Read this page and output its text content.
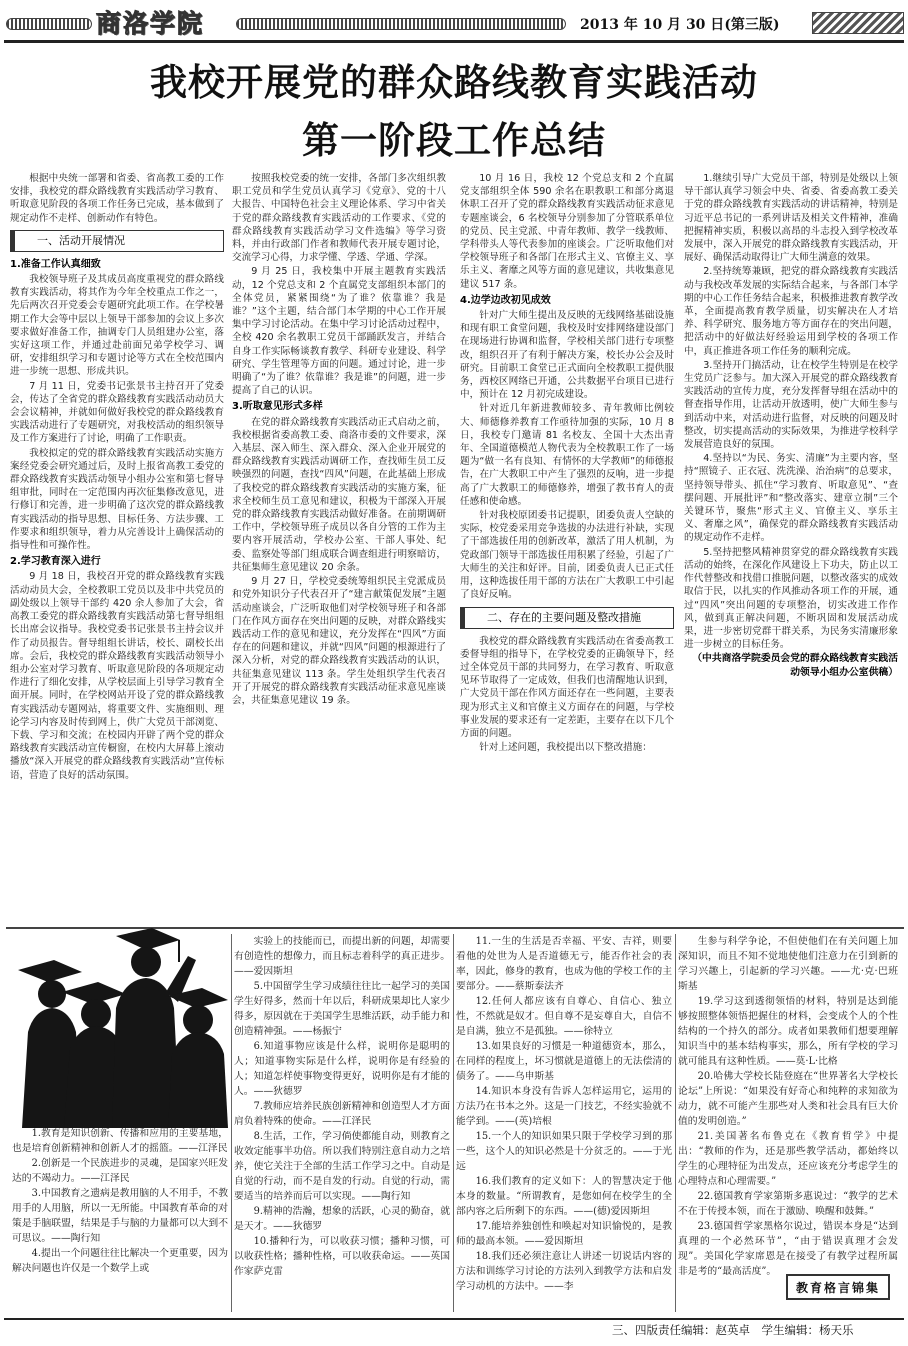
商洛学院	2013 年 10 月 30 日(第三版)
我校开展党的群众路线教育实践活动
第一阶段工作总结

根据中央统一部署和省委、省高教工委的工作安排，我校党的群众路线教育实践活动学习教育、听取意见阶段的各项工作任务已完成，基本做到了规定动作不走样、创新动作有特色。

一、活动开展情况
1.准备工作认真细致

我校领导班子及其成员高度重视党的群众路线教育实践活动，将其作为今年全校重点工作之一，先后两次召开党委会专题研究此项工作。在学校暑期工作大会等中层以上领导干部参加的会议上多次要求做好准备工作，抽调专门人员组建办公室，落实好这项工作，并通过赴前面兄弟学校学习、调研，安排组织学习和专题讨论等方式在全校范围内进一步统一思想、形成共识。

7 月 11 日，党委书记张景书主持召开了党委会，传达了全省党的群众路线教育实践活动动员大会会议精神，并就如何做好我校党的群众路线教育实践活动进行了专题研究，对我校活动的组织领导及工作方案进行了讨论，明确了工作职责。

我校拟定的党的群众路线教育实践活动实施方案经党委会研究通过后，及时上报省高教工委党的群众路线教育实践活动领导小组办公室和第七督导组审批，同时在一定范围内再次征集修改意见，进行修订和完善，进一步明确了这次党的群众路线教育实践活动的指导思想、目标任务、方法步骤、工作要求和组织领导，着力从完善设计上确保活动的指导性和可操作性。

2.学习教育深入进行

9 月 18 日，我校召开党的群众路线教育实践活动动员大会，全校教职工党员以及非中共党员的副处级以上领导干部约 420 余人参加了大会，省高教工委党的群众路线教育实践活动第七督导组组长出席会议指导。我校党委书记张景书主持会议并作了动员报告。督导组组长讲话，校长、副校长出席。会后，我校党的群众路线教育实践活动领导小组办公室对学习教育、听取意见阶段的各项规定动作进行了细化安排，从学校层面上引导学习教育全面开展。同时，在学校网站开设了党的群众路线教育实践活动专题网站，将重要文件、实施细则、理论学习内容及时传到网上，供广大党员干部浏览、下载、学习和交流；在校园内开辟了两个党的群众路线教育实践活动宣传橱窗，在校内大屏幕上滚动播放“深入开展党的群众路线教育实践活动”宣传标语，营造了良好的活动氛围。

按照我校党委的统一安排，各部门多次组织教职工党员和学生党员认真学习《党章》、党的十八大报告、中国特色社会主义理论体系、学习中省关于党的群众路线教育实践活动的工作要求、《党的群众路线教育实践活动学习文件选编》等学习资料，并由行政部门作者和教师代表开展专题讨论，交流学习心得，力求学懂、学透、学通、学深。

9 月 25 日，我校集中开展主题教育实践活动，12 个党总支和 2 个直属党支部组织本部门的全体党员，紧紧围绕“为了谁？依靠谁？我是谁？”这个主题，结合部门本学期的中心工作开展集中学习讨论活动。在集中学习讨论活动过程中，全校 420 余名教职工党员干部踊跃发言，并结合自身工作实际畅谈教育教学、科研专业建设、科学研究、学生管理等方面的问题。通过讨论，进一步明确了“为了谁？依靠谁？我是谁”的问题，进一步提高了自己的认识。

3.听取意见形式多样

在党的群众路线教育实践活动正式启动之前，我校根据省委高教工委、商洛市委的文件要求，深入基层、深入师生、深入群众、深入企业开展党的群众路线教育实践活动调研工作，查找师生员工反映强烈的问题，查找“四风”问题，在此基础上形成了我校党的群众路线教育实践活动的实施方案，征求全校师生员工意见和建议，积极为干部深入开展党的群众路线教育实践活动做好准备。在前期调研工作中，学校领导班子成员以各自分管的工作为主要内容开展活动，学校办公室、干部人事处、纪委、监察处等部门组成联合调查组进行明察暗访，共征集师生意见建议 20 余条。

9 月 27 日，学校党委统筹组织民主党派成员和党外知识分子代表召开了“建言献策促发展”主题活动座谈会，广泛听取他们对学校领导班子和各部门在作风方面存在突出问题的反映，对群众路线实践活动工作的意见和建议，充分发挥在“四风”方面存在的问题和建议，并就“四风”问题的根源进行了深入分析，对党的群众路线教育实践活动的认识，共征集意见建议 113 条。学生处组织学生代表召开了开展党的群众路线教育实践活动征求意见座谈会，共征集意见建议 19 条。

10 月 16 日，我校 12 个党总支和 2 个直属党支部组织全体 590 余名在职教职工和部分离退休职工召开了党的群众路线教育实践活动征求意见专题座谈会，6 名校领导分别参加了分管联系单位的党员、民主党派、中青年教师、教学一线教师、学科带头人等代表参加的座谈会。广泛听取他们对学校领导班子和各部门在形式主义、官僚主义、享乐主义、奢靡之风等方面的意见建议，共收集意见建议 517 条。

4.边学边改初见成效

针对广大师生提出及反映的无线网络基础设施和现有职工食堂问题，我校及时安排网络建设部门在现场进行协调和监督，学校相关部门进行专项整改，组织召开了有利于解决方案，校长办公会及时研究。目前职工食堂已正式面向全校教职工提供服务，西校区网络已开通，公共数据平台项目已进行中，预计在 12 月初完成建设。

针对近几年新进教师较多、青年教师比例较大、师德修养教育工作亟待加强的实际，10 月 8 日，我校专门邀请 81 名校友、全国十大杰出青年、全国道德模范人物代表为全校教职工作了一场题为“做一名有良知、有情怀的大学教师”的师德报告，在广大教职工中产生了强烈的反响，进一步提高了广大教职工的师德修养，增强了教书育人的责任感和使命感。

针对我校原团委书记提职，团委负责人空缺的实际，校党委采用竞争选拔的办法进行补缺，实现了干部选拔任用的创新改革，激活了用人机制，为党政部门领导干部选拔任用积累了经验，引起了广大师生的关注和好评。目前，团委负责人已正式任用，这种选拔任用干部的方法在广大教职工中引起了良好反响。

二、存在的主要问题及整改措施

我校党的群众路线教育实践活动在省委高教工委督导组的指导下，在学校党委的正确领导下，经过全体党员干部的共同努力，在学习教育、听取意见环节取得了一定成效，但我们也清醒地认识到，广大党员干部在作风方面还存在一些问题，主要表现为形式主义和官僚主义方面存在的问题，与学校事业发展的要求还有一定差距，主要存在以下几个方面的问题。

针对上述问题，我校提出以下整改措施：

1.继续引导广大党员干部，特别是处级以上领导干部认真学习领会中央、省委、省委高教工委关于党的群众路线教育实践活动的讲话精神，特别是习近平总书记的一系列讲话及相关文件精神，准确把握精神实质，积极以高昂的斗志投入到学校改革发展中，深入开展党的群众路线教育实践活动，开展好、确保活动取得让广大师生满意的效果。

2.坚持统筹兼顾，把党的群众路线教育实践活动与我校改革发展的实际结合起来，与各部门本学期的中心工作任务结合起来，积极推进教育教学改革，全面提高教育教学质量，切实解决在人才培养、科学研究、服务地方等方面存在的突出问题，把活动中的好做法好经验运用到学校的各项工作中，真正推进各项工作任务的顺利完成。

3.坚持开门搞活动，让在校学生特别是在校学生党员广泛参与。加大深入开展党的群众路线教育实践活动的宣传力度，充分发挥督导组在活动中的督查指导作用，让活动开放透明，使广大师生参与到活动中来，对活动进行监督，对反映的问题及时整改，切实提高活动的实际效果，为推进学校科学发展营造良好的氛围。

4.坚持以“为民、务实、清廉”为主要内容，坚持“照镜子、正衣冠、洗洗澡、治治病”的总要求，坚持领导带头、抓住“学习教育、听取意见”、“查摆问题、开展批评”和“整改落实、建章立制”三个关键环节，聚焦“形式主义、官僚主义、享乐主义、奢靡之风”，确保党的群众路线教育实践活动的规定动作不走样。

5.坚持把整风精神贯穿党的群众路线教育实践活动的始终，在深化作风建设上下功夫，防止以工作代替整改和找借口推脱问题，以整改落实的成效取信于民，以扎实的作风推动各项工作的开展，通过“四风”突出问题的专项整治，切实改进工作作风，做到真正解决问题，不断巩固和发展活动成果，进一步密切党群干群关系，为民务实清廉形象进一步树立的目标任务。

（中共商洛学院委员会党的群众路线教育实践活动领导小组办公室供稿）

1.教育是知识创新、传播和应用的主要基地，也是培育创新精神和创新人才的摇篮。——江泽民

2.创新是一个民族进步的灵魂，是国家兴旺发达的不竭动力。——江泽民

3.中国教育之遗病是教用脑的人不用手，不教用手的人用脑，所以一无所能。中国教育革命的对策是手脑联盟，结果是手与脑的力量都可以大到不可思议。——陶行知

4.提出一个问题往往比解决一个更重要，因为解决问题也许仅是一个数学上或

实验上的技能而已，而提出新的问题，却需要有创造性的想像力，而且标志着科学的真正进步。——爱因斯坦

5.中国留学生学习成绩往往比一起学习的美国学生好得多，然而十年以后，科研成果却比人家少得多，原因就在于美国学生思维活跃，动手能力和创造精神强。——杨振宁

6.知道事物应该是什么样，说明你是聪明的人；知道事物实际是什么样，说明你是有经验的人；知道怎样使事物变得更好，说明你是有才能的人。——狄德罗

7.教师应培养民族创新精神和创造型人才方面肩负着特殊的使命。——江泽民

8.生活，工作，学习倘使都能自动，则教育之收效定能事半功倍。所以我们特别注意自动力之培养，使它关注于全部的生活工作学习之中。自动是自觉的行动，而不是自发的行动。自觉的行动，需要适当的培养而后可以实现。——陶行知

9.精神的浩瀚，想象的活跃，心灵的勤奋，就是天才。——狄德罗

10.播种行为，可以收获习惯；播种习惯，可以收获性格；播种性格，可以收获命运。——英国作家萨克雷

11.一生的生活是否幸福、平安、吉祥，则要看他的处世为人是否道德无亏，能否作社会的表率，因此，修身的教育，也成为他的学校工作的主要部分。——蔡斯泰法齐

12.任何人都应该有自尊心、自信心、独立性，不然就是奴才。但自尊不是妄尊自大，自信不是自满，独立不是孤独。——徐特立

13.如果良好的习惯是一种道德资本，那么，在同样的程度上，坏习惯就是道德上的无法偿清的债务了。——乌申斯基

14.知识本身没有告诉人怎样运用它，运用的方法乃在书本之外。这是一门技艺，不经实验就不能学到。——(英)培根

15.一个人的知识如果只限于学校学习到的那一些，这个人的知识必然是十分贫乏的。——于光远

16.我们教育的定义如下：人的智慧决定于他本身的数量。“所谓教育，是您如何在校学生的全部内容之后所剩下的东西。——(德)爱因斯坦

17.能培养独创性和唤起对知识愉悦的，是教师的最高本领。——爱因斯坦

18.我们还必须注意让人讲述一切说话内容的方法和训练学习讨论的方法列入到教学方法和启发学习动机的方法中。——李

生参与科学争论，不但使他们在有关问题上加深知识，而且不知不觉地使他们注意力在引到新的学习兴趣上，引起新的学习兴趣。——尤·克·巴班斯基

19.学习这到透彻领悟的材料，特别是达到能够按照整体领悟把握住的材料，会变成个人的个性结构的一个持久的部分。成者如果教师们想要理解知识当中的基本结构事实，那么，所有学校的学习就可能具有这种性质。——莫·L·比格

20.哈佛大学校长陆登庭在“世界著名大学校长论坛”上所说：“如果没有好奇心和纯粹的求知欲为动力，就不可能产生那些对人类和社会具有巨大价值的发明创造。”

21.美国著名布鲁克在《教育哲学》中提出：“教师的作为，还是那些教学活动，都始终以学生的心理特征为出发点，还应该充分考虑学生的心理特点和心理需要。”

22.德国教育学家第斯多惠说过：“教学的艺术不在于传授本领，而在于激励、唤醒和鼓舞。”

23.德国哲学家黑格尔说过，错误本身是“达到真理的一个必然环节”，“由于错误真理才会发现”。美国化学家席恩是在接受了有教学过程所属非是考的“最高活度”。

教育格言锦集
三、四版责任编辑：赵英卓　学生编辑：杨天乐
